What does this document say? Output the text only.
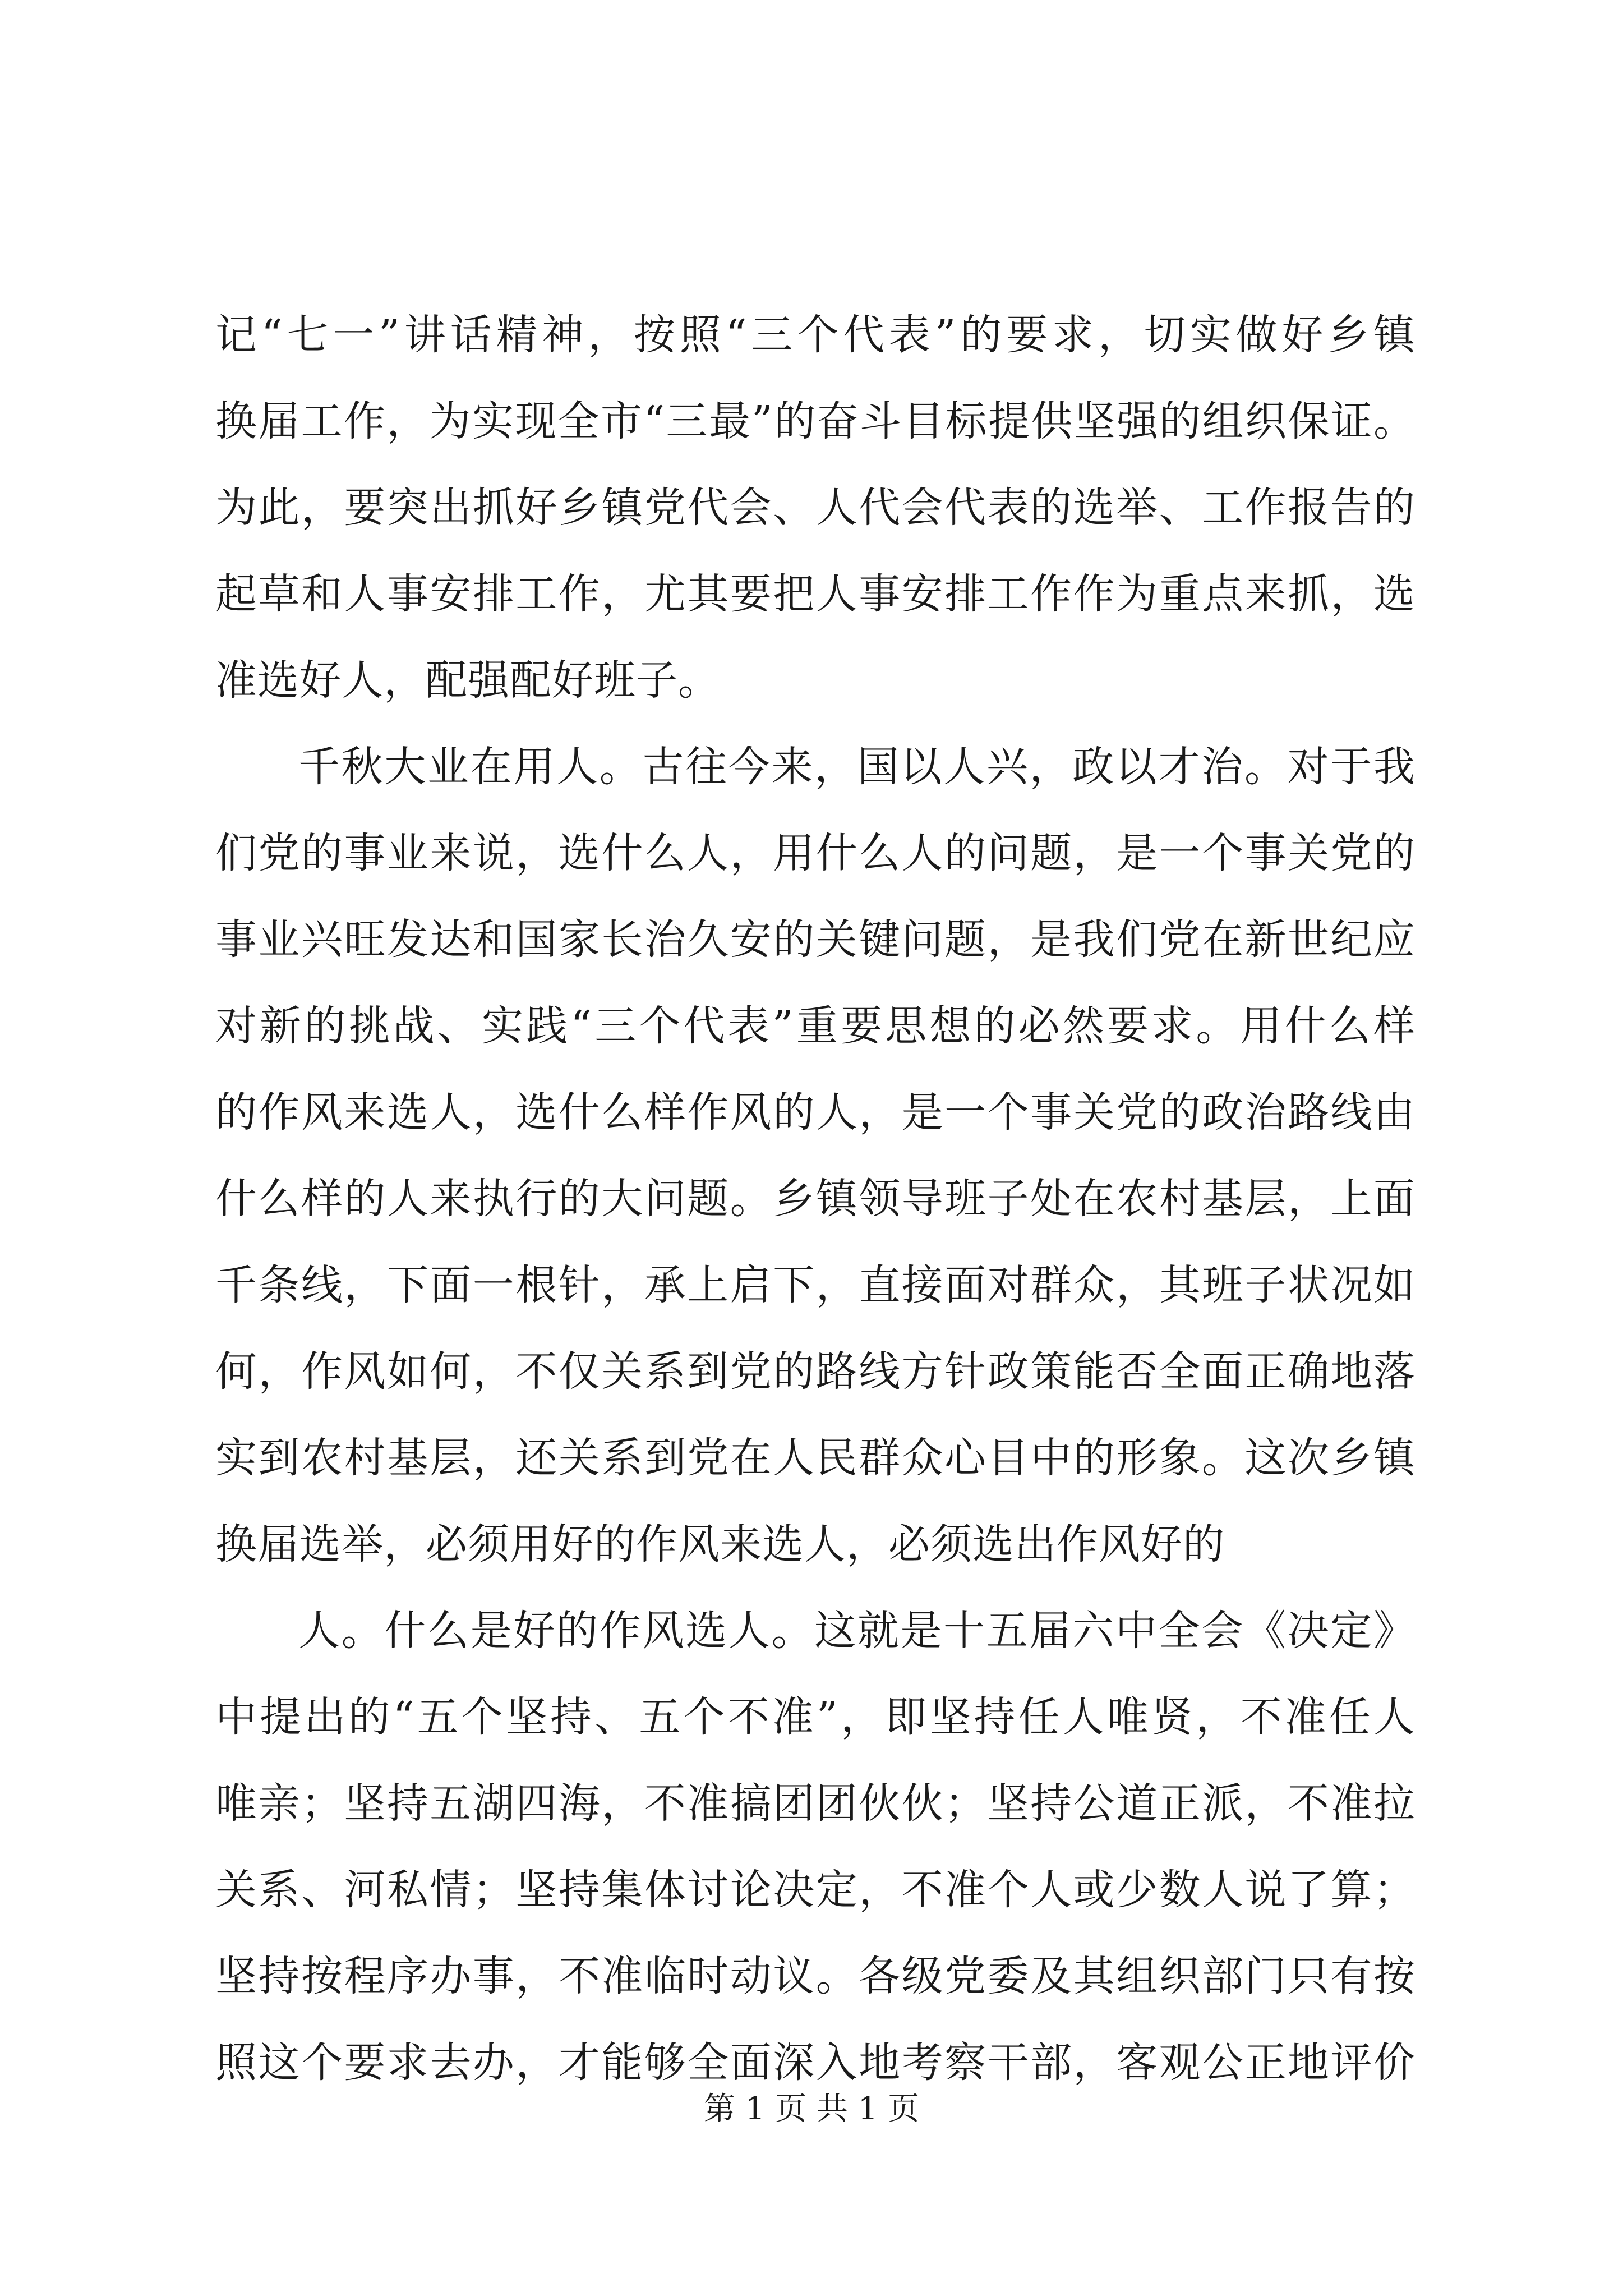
记“七一”讲话精神，按照“三个代表”的要求，切实做好乡镇
换届工作，为实现全市“三最”的奋斗目标提供坚强的组织保证。
为此，要突出抓好乡镇党代会、人代会代表的选举、工作报告的
起草和人事安排工作，尤其要把人事安排工作作为重点来抓，选
准选好人，配强配好班子。
千秋大业在用人。古往今来，国以人兴，政以才治。对于我
们党的事业来说，选什么人，用什么人的问题，是一个事关党的
事业兴旺发达和国家长治久安的关键问题，是我们党在新世纪应
对新的挑战、实践“三个代表”重要思想的必然要求。用什么样
的作风来选人，选什么样作风的人，是一个事关党的政治路线由
什么样的人来执行的大问题。乡镇领导班子处在农村基层，上面
千条线，下面一根针，承上启下，直接面对群众，其班子状况如
何，作风如何，不仅关系到党的路线方针政策能否全面正确地落
实到农村基层，还关系到党在人民群众心目中的形象。这次乡镇
换届选举，必须用好的作风来选人，必须选出作风好的
人。什么是好的作风选人。这就是十五届六中全会《决定》
中提出的“五个坚持、五个不准”，即坚持任人唯贤，不准任人
唯亲；坚持五湖四海，不准搞团团伙伙；坚持公道正派，不准拉
关系、河私情；坚持集体讨论决定，不准个人或少数人说了算；
坚持按程序办事，不准临时动议。各级党委及其组织部门只有按
照这个要求去办，才能够全面深入地考察干部，客观公正地评价
第 1 页 共 1 页
